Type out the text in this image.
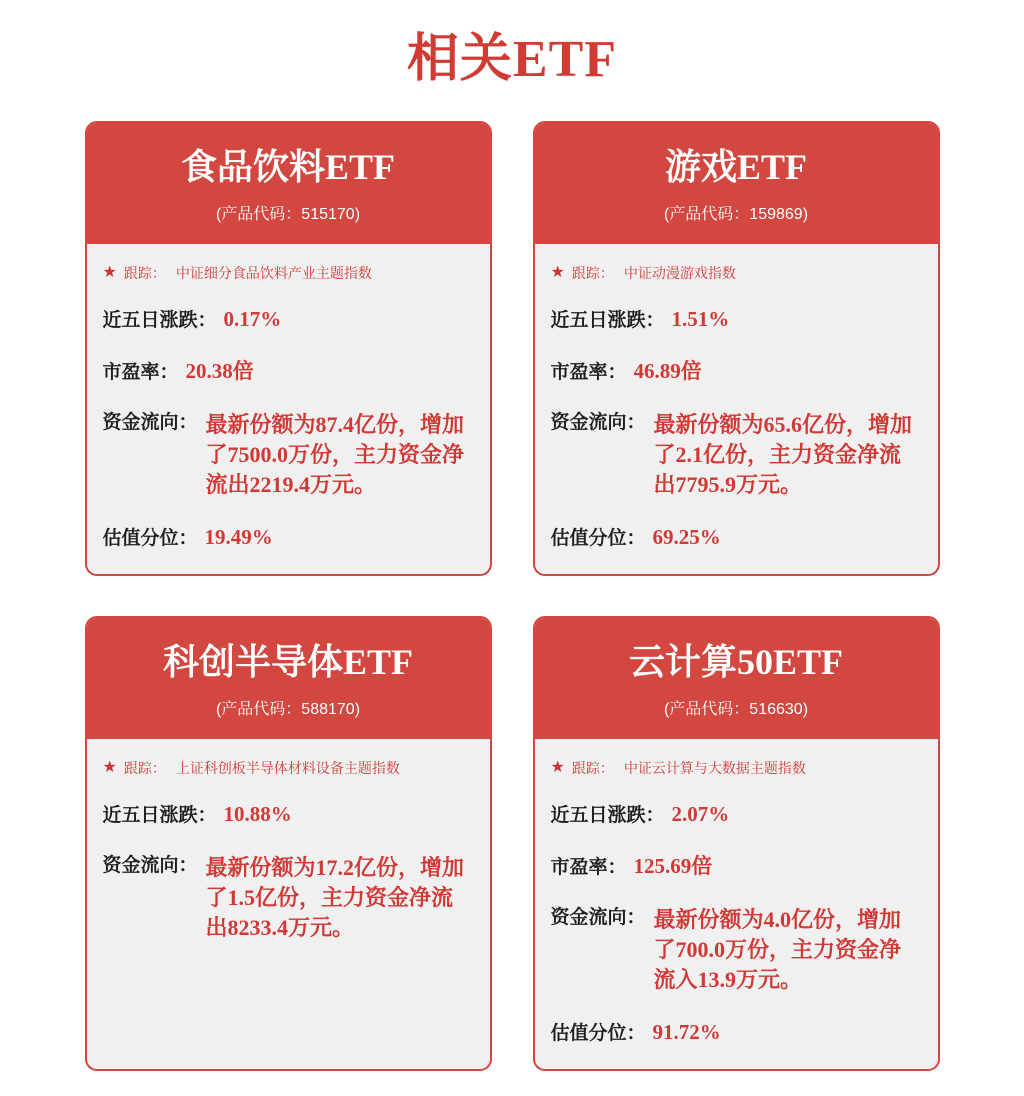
相关ETF
食品饮料ETF
(产品代码：515170)
★ 跟踪： 中证细分食品饮料产业主题指数
近五日涨跌： 0.17%
市盈率： 20.38倍
资金流向： 最新份额为87.4亿份，增加了7500.0万份，主力资金净流出2219.4万元。
估值分位： 19.49%
游戏ETF
(产品代码：159869)
★ 跟踪： 中证动漫游戏指数
近五日涨跌： 1.51%
市盈率： 46.89倍
资金流向： 最新份额为65.6亿份，增加了2.1亿份，主力资金净流出7795.9万元。
估值分位： 69.25%
科创半导体ETF
(产品代码：588170)
★ 跟踪： 上证科创板半导体材料设备主题指数
近五日涨跌： 10.88%
资金流向： 最新份额为17.2亿份，增加了1.5亿份，主力资金净流出8233.4万元。
云计算50ETF
(产品代码：516630)
★ 跟踪： 中证云计算与大数据主题指数
近五日涨跌： 2.07%
市盈率： 125.69倍
资金流向： 最新份额为4.0亿份，增加了700.0万份，主力资金净流入13.9万元。
估值分位： 91.72%
